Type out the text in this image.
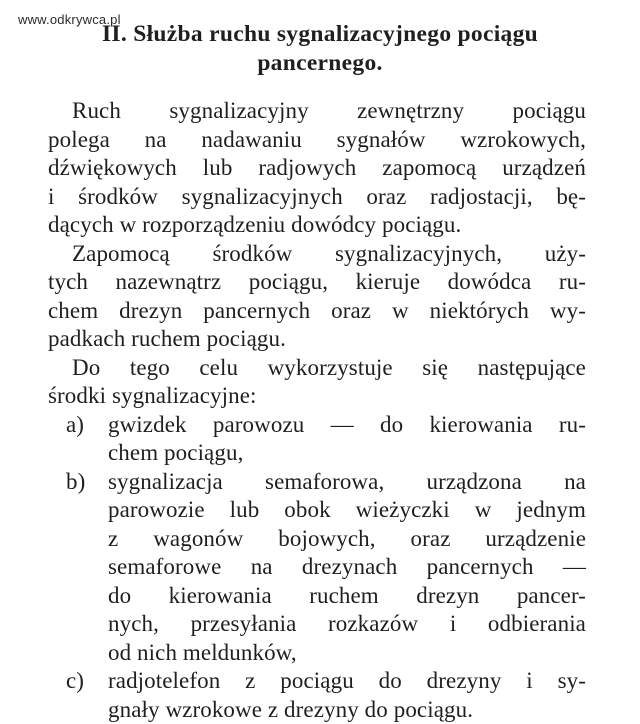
www.odkrywca.pl
II. Służba ruchu sygnalizacyjnego pociągu
pancernego.
Ruch sygnalizacyjny zewnętrzny pociągu
polega na nadawaniu sygnałów wzrokowych,
dźwiękowych lub radjowych zapomocą urządzeń
i środków sygnalizacyjnych oraz radjostacji, bę-
dących w rozporządzeniu dowódcy pociągu.
Zapomocą środków sygnalizacyjnych, uży-
tych nazewnątrz pociągu, kieruje dowódca ru-
chem drezyn pancernych oraz w niektórych wy-
padkach ruchem pociągu.
Do tego celu wykorzystuje się następujące
środki sygnalizacyjne:
a) gwizdek parowozu — do kierowania ru-
chem pociągu,
b) sygnalizacja semaforowa, urządzona na
parowozie lub obok wieżyczki w jednym
z wagonów bojowych, oraz urządzenie
semaforowe na drezynach pancernych —
do kierowania ruchem drezyn pancer-
nych, przesyłania rozkazów i odbierania
od nich meldunków,
c) radjotelefon z pociągu do drezyny i sy-
gnały wzrokowe z drezyny do pociągu.
